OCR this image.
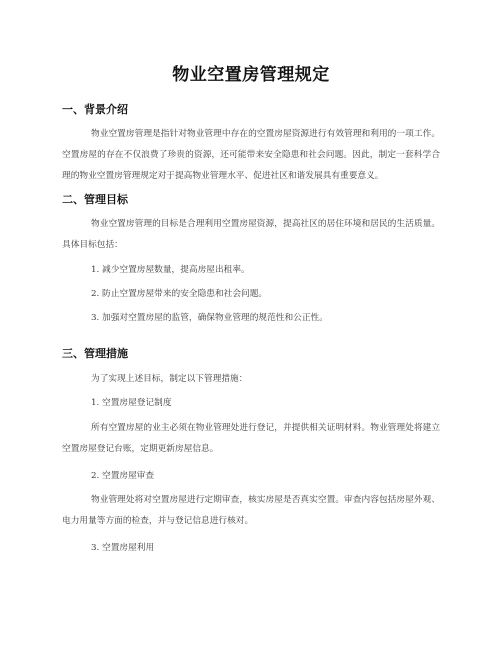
物业空置房管理规定
一、背景介绍

物业空置房管理是指针对物业管理中存在的空置房屋资源进行有效管理和利用的一项工作。空置房屋的存在不仅浪费了珍贵的资源，还可能带来安全隐患和社会问题。因此，制定一套科学合理的物业空置房管理规定对于提高物业管理水平、促进社区和谐发展具有重要意义。

二、管理目标

物业空置房管理的目标是合理利用空置房屋资源，提高社区的居住环境和居民的生活质量。具体目标包括：

1. 减少空置房屋数量，提高房屋出租率。

2. 防止空置房屋带来的安全隐患和社会问题。

3. 加强对空置房屋的监管，确保物业管理的规范性和公正性。

三、管理措施

为了实现上述目标，制定以下管理措施：

1. 空置房屋登记制度

所有空置房屋的业主必须在物业管理处进行登记，并提供相关证明材料。物业管理处将建立空置房屋登记台账，定期更新房屋信息。

2. 空置房屋审查

物业管理处将对空置房屋进行定期审查，核实房屋是否真实空置。审查内容包括房屋外观、电力用量等方面的检查，并与登记信息进行核对。

3. 空置房屋利用
